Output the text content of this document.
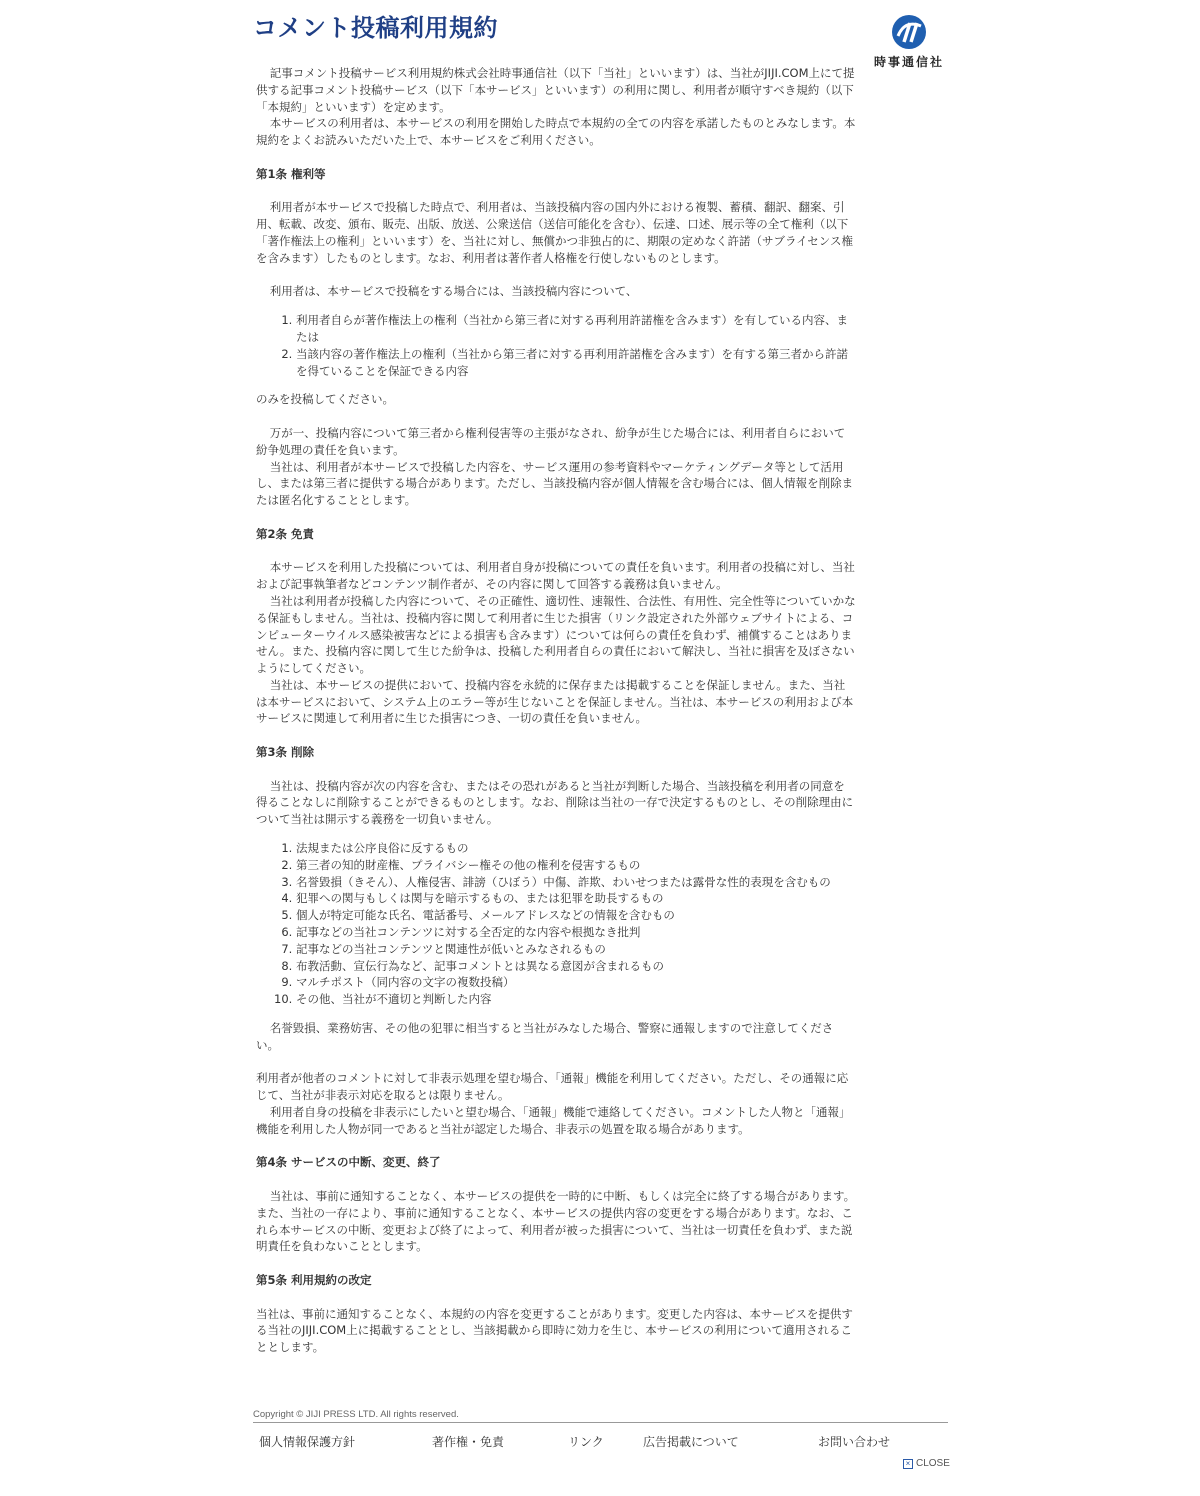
コメント投稿利用規約
時事通信社

記事コメント投稿サービス利用規約株式会社時事通信社（以下「当社」といいます）は、当社がJIJI.COM上にて提供する記事コメント投稿サービス（以下「本サービス」といいます）の利用に関し、利用者が順守すべき規約（以下「本規約」といいます）を定めます。

本サービスの利用者は、本サービスの利用を開始した時点で本規約の全ての内容を承諾したものとみなします。本規約をよくお読みいただいた上で、本サービスをご利用ください。

第1条 権利等

利用者が本サービスで投稿した時点で、利用者は、当該投稿内容の国内外における複製、蓄積、翻訳、翻案、引用、転載、改変、頒布、販売、出版、放送、公衆送信（送信可能化を含む）、伝達、口述、展示等の全て権利（以下「著作権法上の権利」といいます）を、当社に対し、無償かつ非独占的に、期限の定めなく許諾（サブライセンス権を含みます）したものとします。なお、利用者は著作者人格権を行使しないものとします。

利用者は、本サービスで投稿をする場合には、当該投稿内容について、

1. 利用者自らが著作権法上の権利（当社から第三者に対する再利用許諾権を含みます）を有している内容、または
2. 当該内容の著作権法上の権利（当社から第三者に対する再利用許諾権を含みます）を有する第三者から許諾を得ていることを保証できる内容

のみを投稿してください。

万が一、投稿内容について第三者から権利侵害等の主張がなされ、紛争が生じた場合には、利用者自らにおいて紛争処理の責任を負います。

当社は、利用者が本サービスで投稿した内容を、サービス運用の参考資料やマーケティングデータ等として活用し、または第三者に提供する場合があります。ただし、当該投稿内容が個人情報を含む場合には、個人情報を削除または匿名化することとします。

第2条 免責

本サービスを利用した投稿については、利用者自身が投稿についての責任を負います。利用者の投稿に対し、当社および記事執筆者などコンテンツ制作者が、その内容に関して回答する義務は負いません。

当社は利用者が投稿した内容について、その正確性、適切性、速報性、合法性、有用性、完全性等についていかなる保証もしません。当社は、投稿内容に関して利用者に生じた損害（リンク設定された外部ウェブサイトによる、コンピューターウイルス感染被害などによる損害も含みます）については何らの責任を負わず、補償することはありません。また、投稿内容に関して生じた紛争は、投稿した利用者自らの責任において解決し、当社に損害を及ぼさないようにしてください。

当社は、本サービスの提供において、投稿内容を永続的に保存または掲載することを保証しません。また、当社は本サービスにおいて、システム上のエラー等が生じないことを保証しません。当社は、本サービスの利用および本サービスに関連して利用者に生じた損害につき、一切の責任を負いません。

第3条 削除

当社は、投稿内容が次の内容を含む、またはその恐れがあると当社が判断した場合、当該投稿を利用者の同意を得ることなしに削除することができるものとします。なお、削除は当社の一存で決定するものとし、その削除理由について当社は開示する義務を一切負いません。

1. 法規または公序良俗に反するもの
2. 第三者の知的財産権、プライバシー権その他の権利を侵害するもの
3. 名誉毀損（きそん）、人権侵害、誹謗（ひぼう）中傷、詐欺、わいせつまたは露骨な性的表現を含むもの
4. 犯罪への関与もしくは関与を暗示するもの、または犯罪を助長するもの
5. 個人が特定可能な氏名、電話番号、メールアドレスなどの情報を含むもの
6. 記事などの当社コンテンツに対する全否定的な内容や根拠なき批判
7. 記事などの当社コンテンツと関連性が低いとみなされるもの
8. 布教活動、宣伝行為など、記事コメントとは異なる意図が含まれるもの
9. マルチポスト（同内容の文字の複数投稿）
10. その他、当社が不適切と判断した内容

名誉毀損、業務妨害、その他の犯罪に相当すると当社がみなした場合、警察に通報しますので注意してください。

利用者が他者のコメントに対して非表示処理を望む場合、「通報」機能を利用してください。ただし、その通報に応じて、当社が非表示対応を取るとは限りません。

利用者自身の投稿を非表示にしたいと望む場合、「通報」機能で連絡してください。コメントした人物と「通報」機能を利用した人物が同一であると当社が認定した場合、非表示の処置を取る場合があります。

第4条 サービスの中断、変更、終了

当社は、事前に通知することなく、本サービスの提供を一時的に中断、もしくは完全に終了する場合があります。また、当社の一存により、事前に通知することなく、本サービスの提供内容の変更をする場合があります。なお、これら本サービスの中断、変更および終了によって、利用者が被った損害について、当社は一切責任を負わず、また説明責任を負わないこととします。

第5条 利用規約の改定

当社は、事前に通知することなく、本規約の内容を変更することがあります。変更した内容は、本サービスを提供する当社のJIJI.COM上に掲載することとし、当該掲載から即時に効力を生じ、本サービスの利用について適用されることとします。

Copyright © JIJI PRESS LTD. All rights reserved.
個人情報保護方針	著作権・免責	リンク	広告掲載について	お問い合わせ
× CLOSE
